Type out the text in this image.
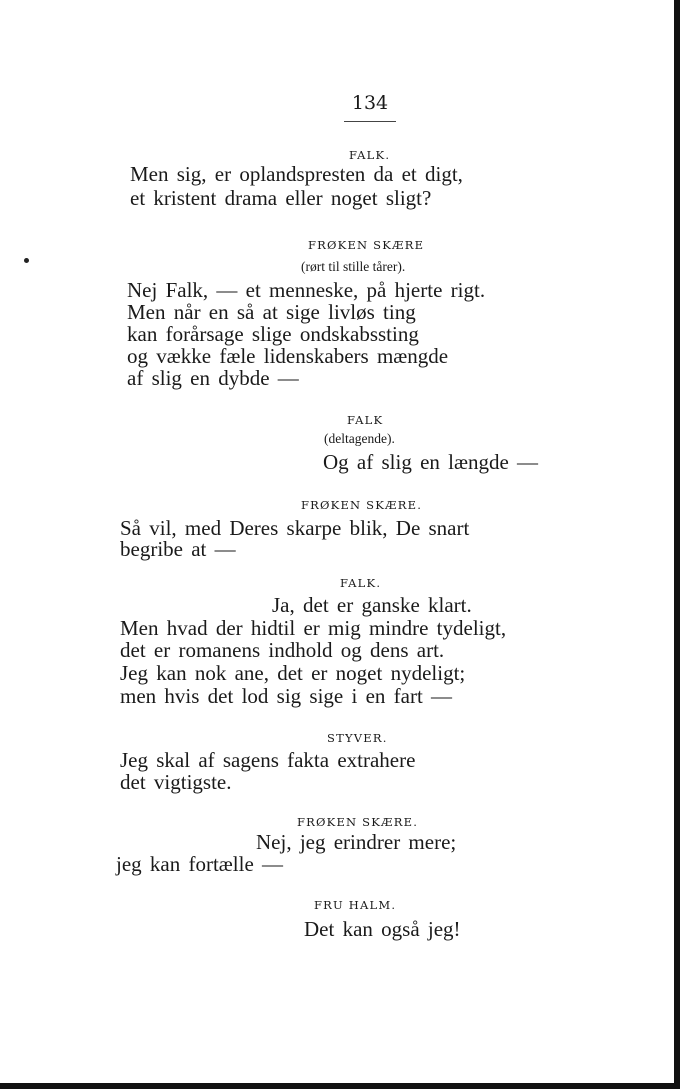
134
FALK.
Men sig, er oplandspresten da et digt,
et kristent drama eller noget sligt?
FRØKEN SKÆRE
(rørt til stille tårer).
Nej Falk, — et menneske, på hjerte rigt.
Men når en så at sige livløs ting
kan forårsage slige ondskabssting
og vække fæle lidenskabers mængde
af slig en dybde —
FALK
(deltagende).
Og af slig en længde —
FRØKEN SKÆRE.
Så vil, med Deres skarpe blik, De snart
begribe at —
FALK.
Ja, det er ganske klart.
Men hvad der hidtil er mig mindre tydeligt,
det er romanens indhold og dens art.
Jeg kan nok ane, det er noget nydeligt;
men hvis det lod sig sige i en fart —
STYVER.
Jeg skal af sagens fakta extrahere
det vigtigste.
FRØKEN SKÆRE.
Nej, jeg erindrer mere;
jeg kan fortælle —
FRU HALM.
Det kan også jeg!
